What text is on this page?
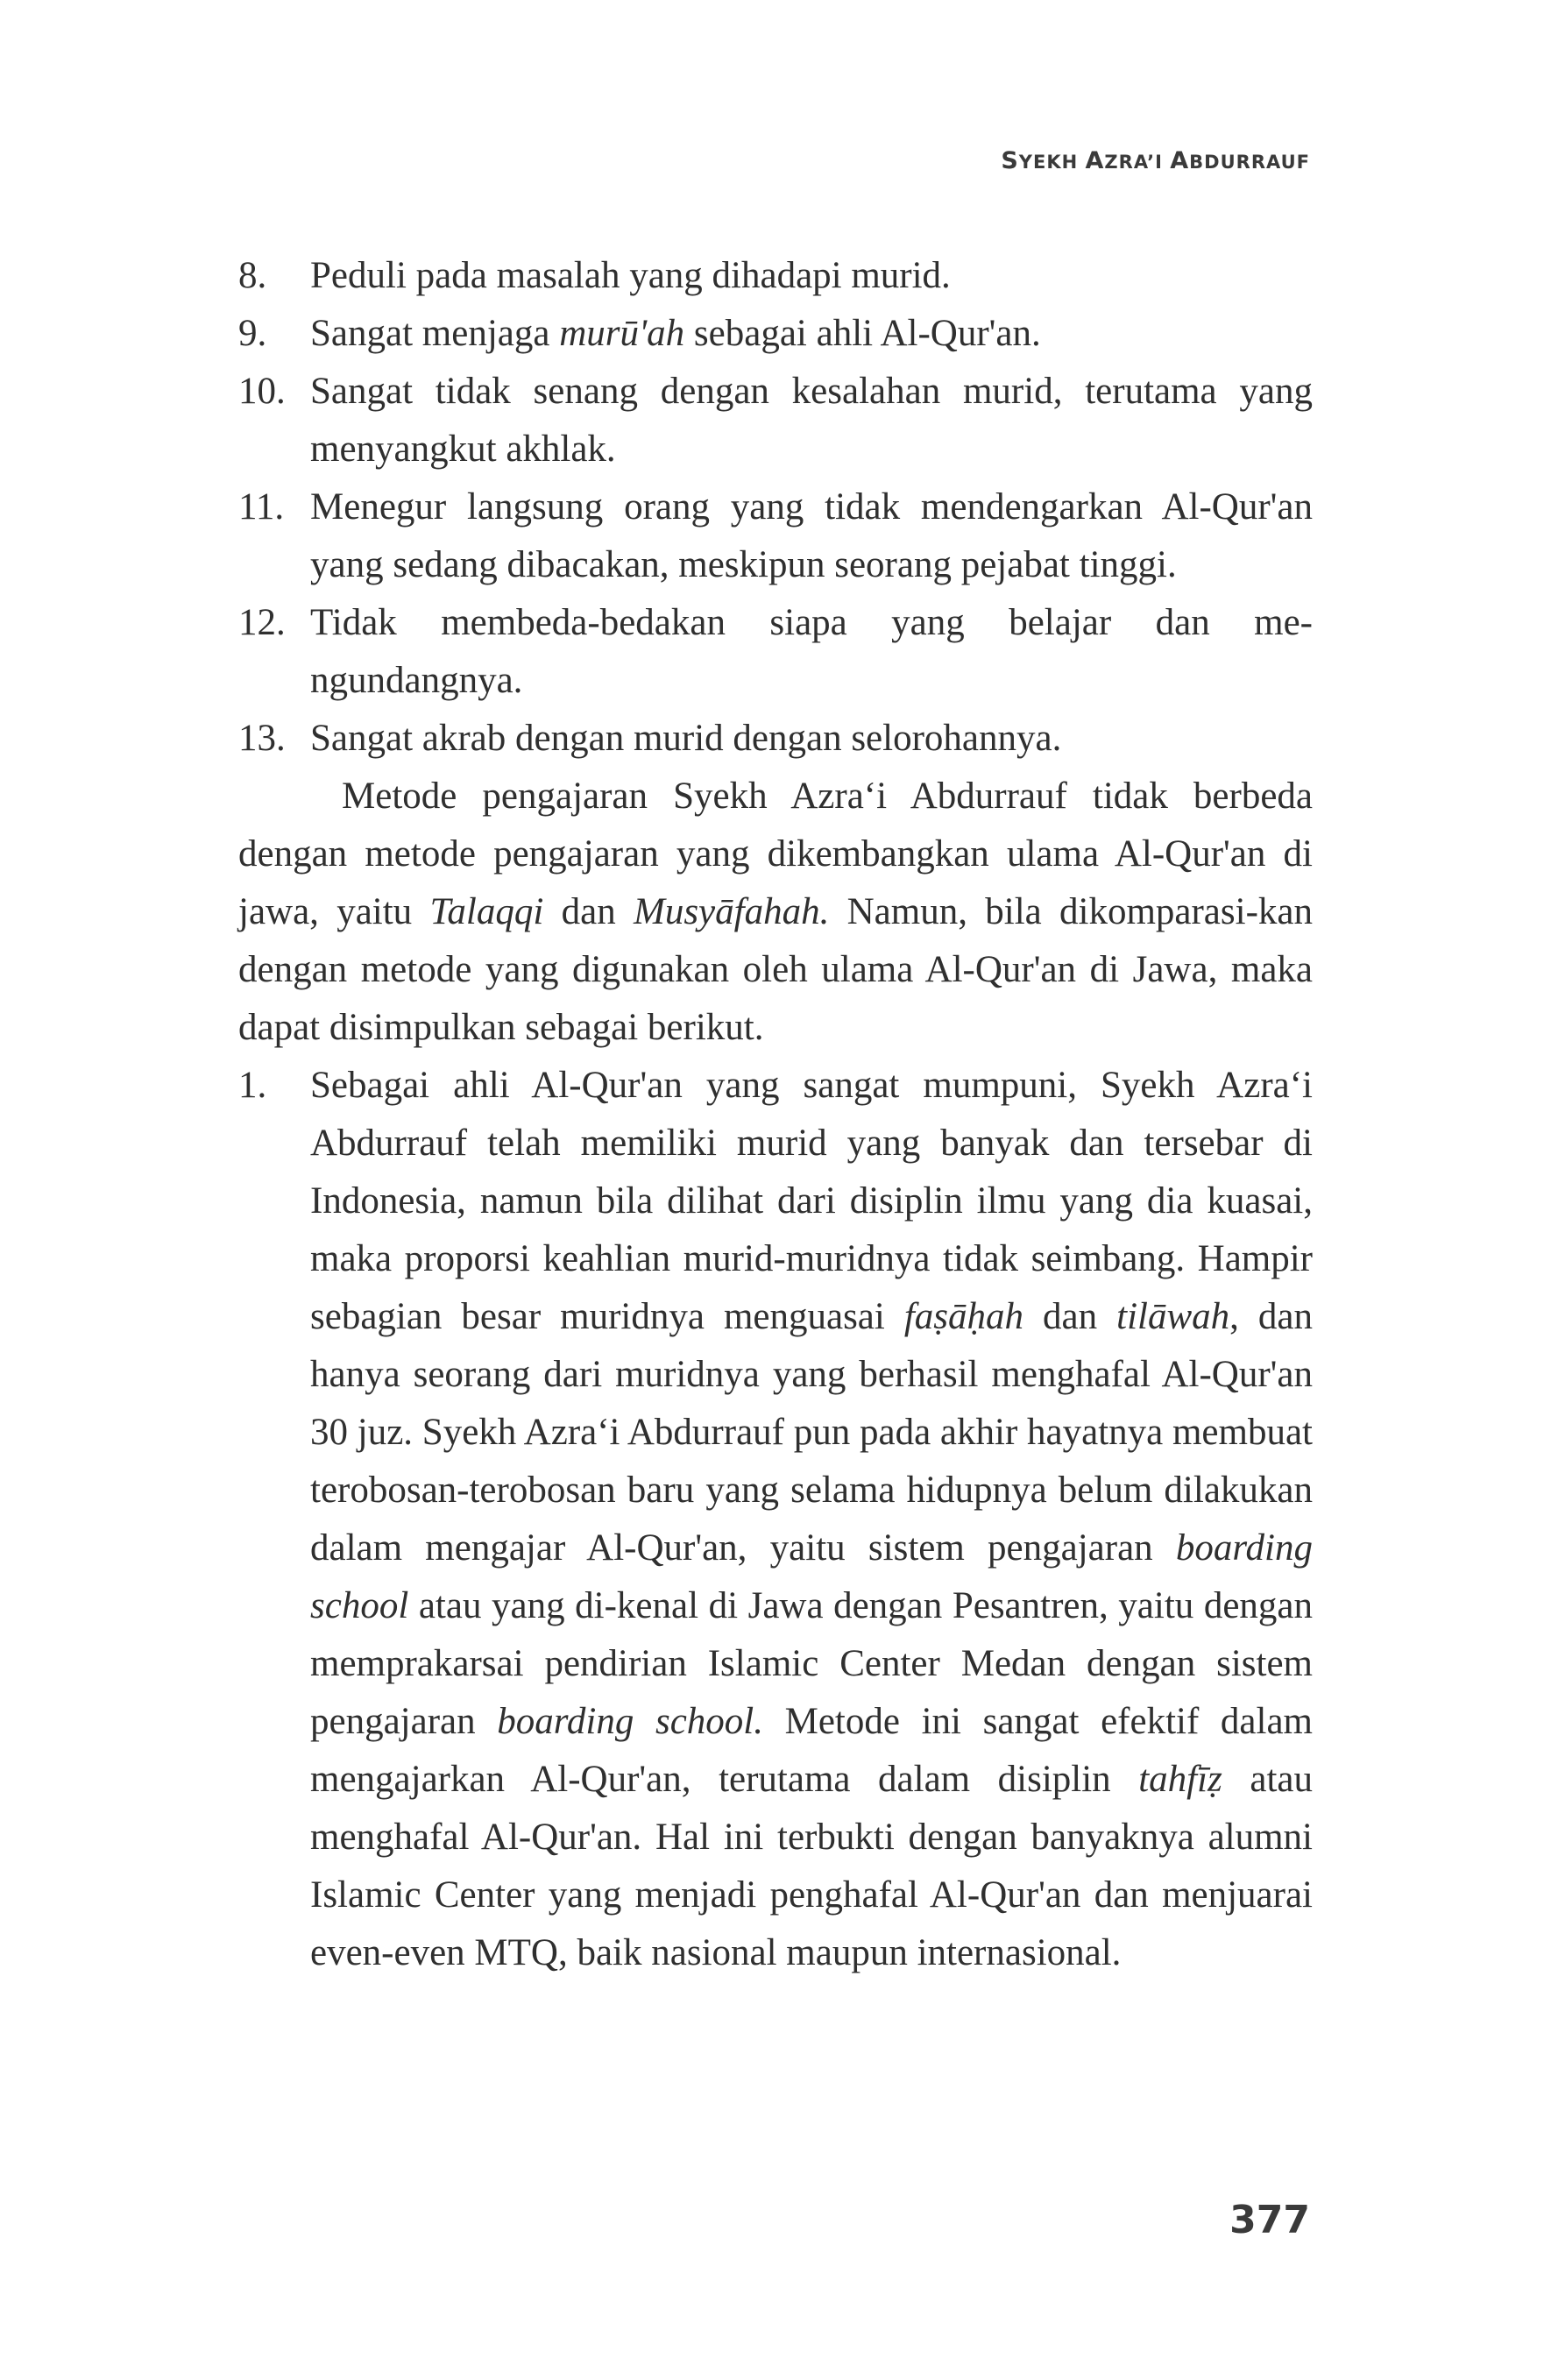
SYEKH AZRA’I ABDURRAUF
8. Peduli pada masalah yang dihadapi murid.
9. Sangat menjaga murū'ah sebagai ahli Al-Qur'an.
10. Sangat tidak senang dengan kesalahan murid, terutama yang menyangkut akhlak.
11. Menegur langsung orang yang tidak mendengarkan Al-Qur'an yang sedang dibacakan, meskipun seorang pejabat tinggi.
12. Tidak membeda-bedakan siapa yang belajar dan me-ngundangnya.
13. Sangat akrab dengan murid dengan selorohannya.

Metode pengajaran Syekh Azra‘i Abdurrauf tidak berbeda dengan metode pengajaran yang dikembangkan ulama Al-Qur'an di jawa, yaitu Talaqqi dan Musyāfahah. Namun, bila dikomparasi-kan dengan metode yang digunakan oleh ulama Al-Qur'an di Jawa, maka dapat disimpulkan sebagai berikut.

1. Sebagai ahli Al-Qur'an yang sangat mumpuni, Syekh Azra‘i Abdurrauf telah memiliki murid yang banyak dan tersebar di Indonesia, namun bila dilihat dari disiplin ilmu yang dia kuasai, maka proporsi keahlian murid-muridnya tidak seimbang. Hampir sebagian besar muridnya menguasai faṣāḥah dan tilāwah, dan hanya seorang dari muridnya yang berhasil menghafal Al-Qur'an 30 juz. Syekh Azra‘i Abdurrauf pun pada akhir hayatnya membuat terobosan-terobosan baru yang selama hidupnya belum dilakukan dalam mengajar Al-Qur'an, yaitu sistem pengajaran boarding school atau yang di-kenal di Jawa dengan Pesantren, yaitu dengan memprakarsai pendirian Islamic Center Medan dengan sistem pengajaran boarding school. Metode ini sangat efektif dalam mengajarkan Al-Qur'an, terutama dalam disiplin tahfīẓ atau menghafal Al-Qur'an. Hal ini terbukti dengan banyaknya alumni Islamic Center yang menjadi penghafal Al-Qur'an dan menjuarai even-even MTQ, baik nasional maupun internasional.
377
